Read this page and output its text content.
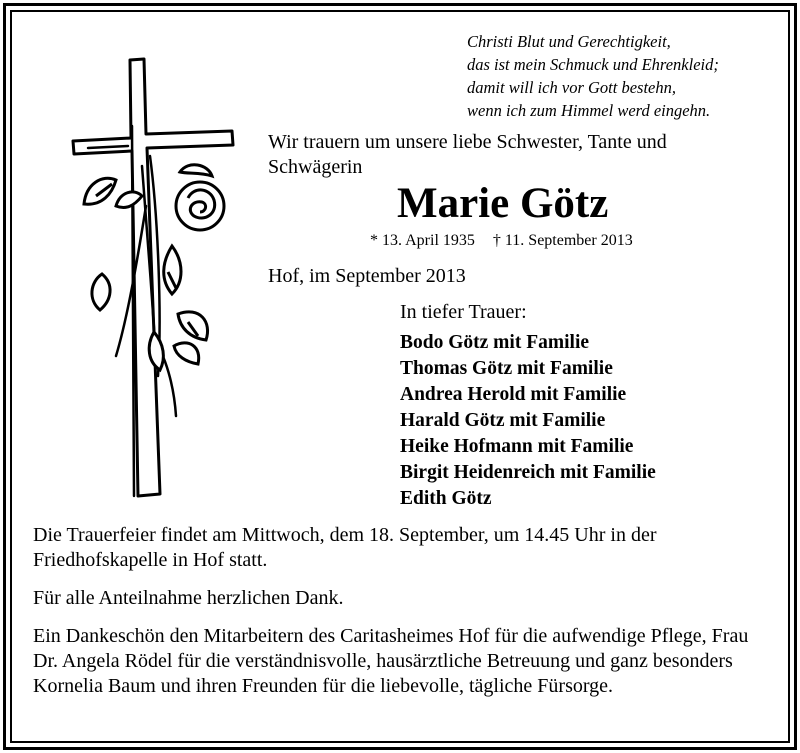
Christi Blut und Gerechtigkeit,
das ist mein Schmuck und Ehrenkleid;
damit will ich vor Gott bestehn,
wenn ich zum Himmel werd eingehn.
Wir trauern um unsere liebe Schwester, Tante und Schwägerin
Marie Götz
* 13. April 1935 † 11. September 2013
Hof, im September 2013
In tiefer Trauer:
Bodo Götz mit Familie
Thomas Götz mit Familie
Andrea Herold mit Familie
Harald Götz mit Familie
Heike Hofmann mit Familie
Birgit Heidenreich mit Familie
Edith Götz
Die Trauerfeier findet am Mittwoch, dem 18. September, um 14.45 Uhr in der Friedhofskapelle in Hof statt.
Für alle Anteilnahme herzlichen Dank.
Ein Dankeschön den Mitarbeitern des Caritasheimes Hof für die aufwendige Pflege, Frau Dr. Angela Rödel für die verständnisvolle, hausärztliche Betreuung und ganz besonders Kornelia Baum und ihren Freunden für die liebevolle, tägliche Fürsorge.
